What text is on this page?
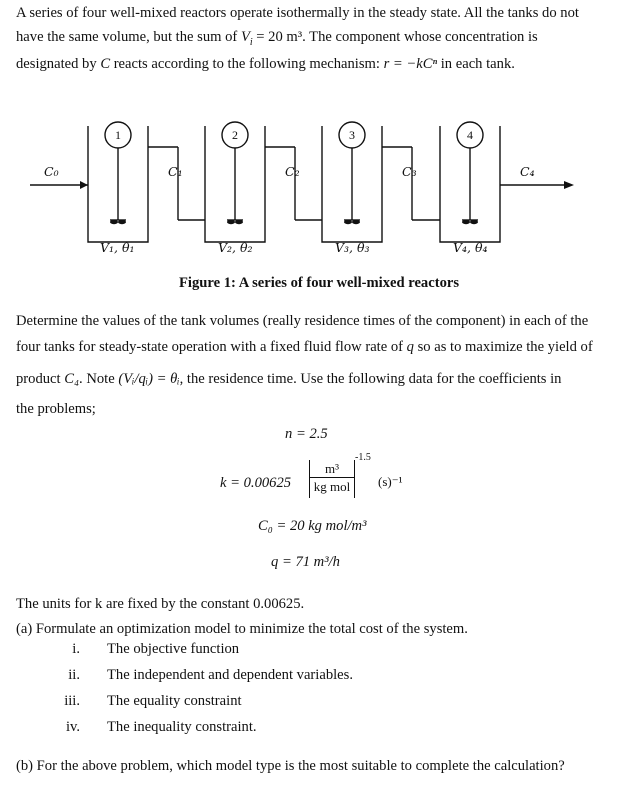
A series of four well-mixed reactors operate isothermally in the steady state. All the tanks do not
have the same volume, but the sum of $V_i = 20$ m³. The component whose concentration is
designated by C reacts according to the following mechanism: r = −kCⁿ in each tank.
1	2	3	4
C₀	C₁	C₂	C₃	C₄
V₁, θ₁	V₂, θ₂	V₃, θ₃	V₄, θ₄
Figure 1: A series of four well-mixed reactors
Determine the values of the tank volumes (really residence times of the component) in each of the
four tanks for steady-state operation with a fixed fluid flow rate of q so as to maximize the yield of
product C₄. Note (Vᵢ/qᵢ) = θᵢ, the residence time. Use the following data for the coefficients in
the problems;
n = 2.5
k = 0.00625
m³
kg mol
-1.5
(s)⁻¹
C₀ = 20 kg mol/m³
q = 71 m³/h
The units for k are fixed by the constant 0.00625.
(a) Formulate an optimization model to minimize the total cost of the system.
i. The objective function
ii. The independent and dependent variables.
iii. The equality constraint
iv. The inequality constraint.
(b) For the above problem, which model type is the most suitable to complete the calculation?
